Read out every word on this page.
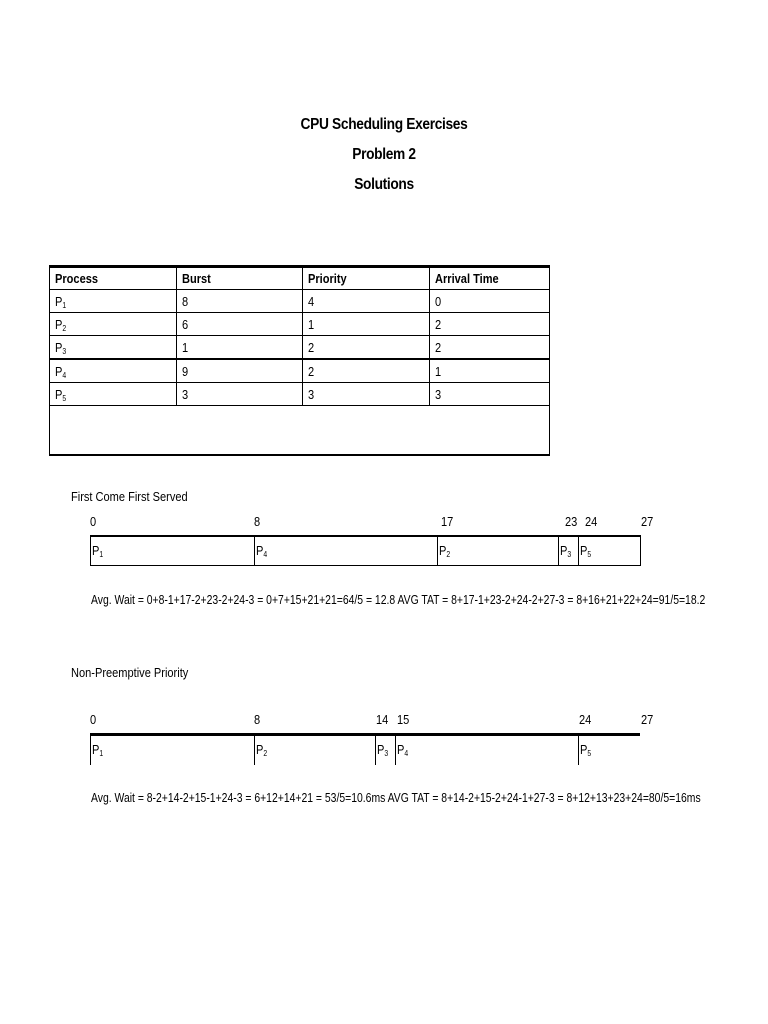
CPU Scheduling Exercises
Problem 2
Solutions
Process	Burst	Priority	Arrival Time
$P_1$	8	4	0
$P_2$	6	1	2
$P_3$	1	2	2
$P_4$	9	2	1
$P_5$	3	3	3

First Come First Served
0	8	17	23 24	27
$P_1$	$P_4$	$P_2$	$P_3$ $P_5$
Avg. Wait = 0+8-1+17-2+23-2+24-3 = 0+7+15+21+21=64/5 = 12.8 AVG TAT = 8+17-1+23-2+24-2+27-3 = 8+16+21+22+24=91/5=18.2
Non-Preemptive Priority
0	8	14 15	24	27
$P_1$	$P_2$	$P_3$ $P_4$	$P_5$
Avg. Wait = 8-2+14-2+15-1+24-3 = 6+12+14+21 = 53/5=10.6ms AVG TAT = 8+14-2+15-2+24-1+27-3 = 8+12+13+23+24=80/5=16ms
